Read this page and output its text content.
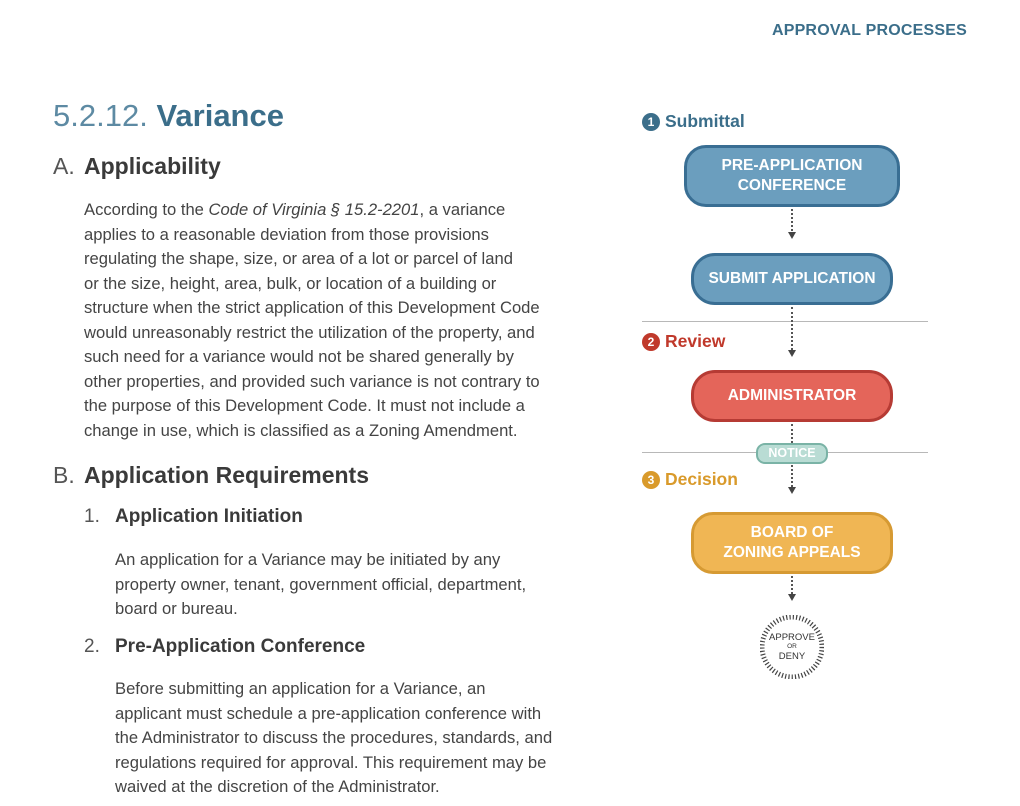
APPROVAL PROCESSES
5.2.12. Variance
A. Applicability
According to the Code of Virginia § 15.2-2201, a variance
applies to a reasonable deviation from those provisions
regulating the shape, size, or area of a lot or parcel of land
or the size, height, area, bulk, or location of a building or
structure when the strict application of this Development Code
would unreasonably restrict the utilization of the property, and
such need for a variance would not be shared generally by
other properties, and provided such variance is not contrary to
the purpose of this Development Code. It must not include a
change in use, which is classified as a Zoning Amendment.
B. Application Requirements
1. Application Initiation
An application for a Variance may be initiated by any
property owner, tenant, government official, department,
board or bureau.
2. Pre-Application Conference
Before submitting an application for a Variance, an
applicant must schedule a pre-application conference with
the Administrator to discuss the procedures, standards, and
regulations required for approval. This requirement may be
waived at the discretion of the Administrator.
1 Submittal
2 Review
3 Decision
PRE-APPLICATION
CONFERENCE
SUBMIT APPLICATION
ADMINISTRATOR
NOTICE
BOARD OF
ZONING APPEALS
APPROVE
OR
DENY
